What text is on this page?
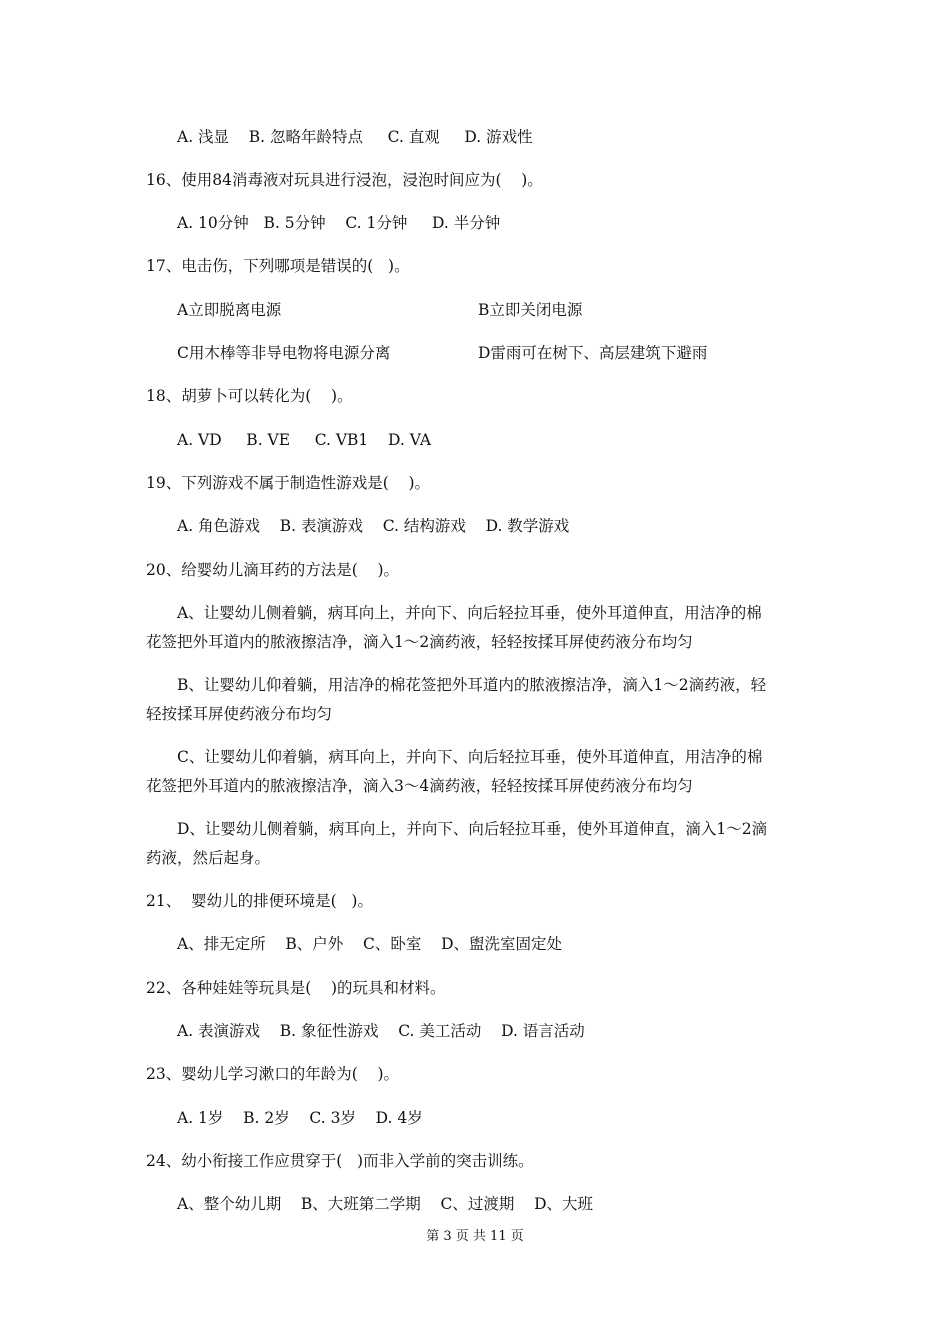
A. 浅显    B. 忽略年龄特点     C. 直观     D. 游戏性
16、使用84消毒液对玩具进行浸泡，浸泡时间应为(    )。
A. 10分钟   B. 5分钟    C. 1分钟     D. 半分钟
17、电击伤，下列哪项是错误的(   )。
A立即脱离电源	B立即关闭电源
C用木棒等非导电物将电源分离	D雷雨可在树下、高层建筑下避雨
18、胡萝卜可以转化为(    )。
A. VD     B. VE     C. VB1    D. VA
19、下列游戏不属于制造性游戏是(    )。
A. 角色游戏    B. 表演游戏    C. 结构游戏    D. 教学游戏
20、给婴幼儿滴耳药的方法是(    )。
A、让婴幼儿侧着躺，病耳向上，并向下、向后轻拉耳垂，使外耳道伸直，用洁净的棉
花签把外耳道内的脓液擦洁净，滴入1～2滴药液，轻轻按揉耳屏使药液分布均匀
B、让婴幼儿仰着躺，用洁净的棉花签把外耳道内的脓液擦洁净，滴入1～2滴药液，轻
轻按揉耳屏使药液分布均匀
C、让婴幼儿仰着躺，病耳向上，并向下、向后轻拉耳垂，使外耳道伸直，用洁净的棉
花签把外耳道内的脓液擦洁净，滴入3～4滴药液，轻轻按揉耳屏使药液分布均匀
D、让婴幼儿侧着躺，病耳向上，并向下、向后轻拉耳垂，使外耳道伸直，滴入1～2滴
药液，然后起身。
21、  婴幼儿的排便环境是(   )。
A、排无定所    B、户外    C、卧室    D、盥洗室固定处
22、各种娃娃等玩具是(    )的玩具和材料。
A. 表演游戏    B. 象征性游戏    C. 美工活动    D. 语言活动
23、婴幼儿学习漱口的年龄为(    )。
A. 1岁    B. 2岁    C. 3岁    D. 4岁
24、幼小衔接工作应贯穿于(   )而非入学前的突击训练。
A、整个幼儿期    B、大班第二学期    C、过渡期    D、大班
第 3 页 共 11 页
